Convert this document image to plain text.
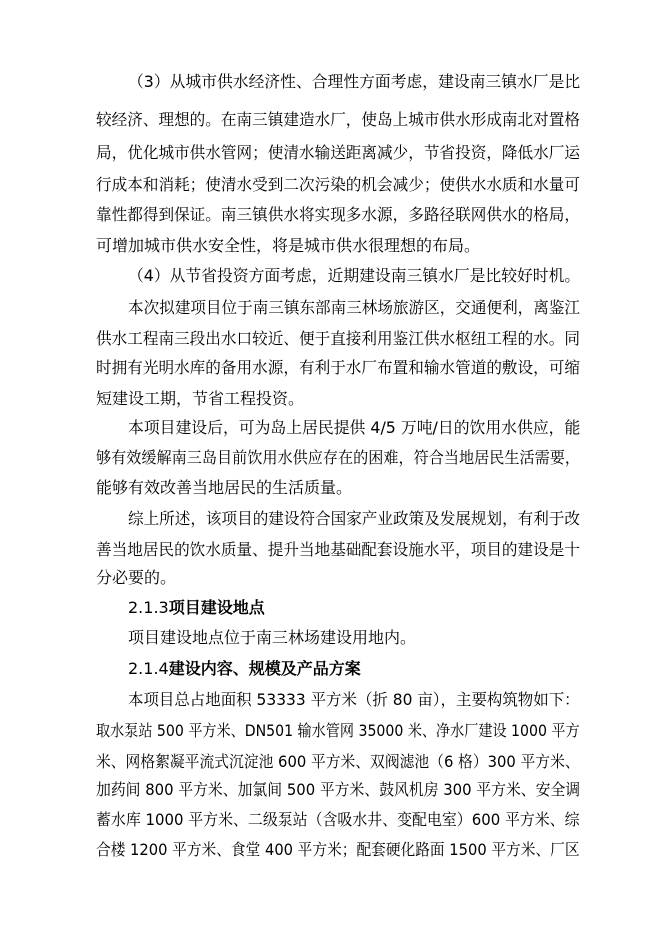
（3）从城市供水经济性、合理性方面考虑，建设南三镇水厂是比
较经济、理想的。在南三镇建造水厂，使岛上城市供水形成南北对置格
局，优化城市供水管网；使清水输送距离减少，节省投资，降低水厂运
行成本和消耗；使清水受到二次污染的机会减少；使供水水质和水量可
靠性都得到保证。南三镇供水将实现多水源，多路径联网供水的格局，
可增加城市供水安全性，将是城市供水很理想的布局。
（4）从节省投资方面考虑，近期建设南三镇水厂是比较好时机。
本次拟建项目位于南三镇东部南三林场旅游区，交通便利，离鉴江
供水工程南三段出水口较近、便于直接利用鉴江供水枢纽工程的水。同
时拥有光明水库的备用水源，有利于水厂布置和输水管道的敷设，可缩
短建设工期，节省工程投资。
本项目建设后，可为岛上居民提供 4/5 万吨/日的饮用水供应，能
够有效缓解南三岛目前饮用水供应存在的困难，符合当地居民生活需要，
能够有效改善当地居民的生活质量。
综上所述，该项目的建设符合国家产业政策及发展规划，有利于改
善当地居民的饮水质量、提升当地基础配套设施水平，项目的建设是十
分必要的。
2.1.3项目建设地点
项目建设地点位于南三林场建设用地内。
2.1.4建设内容、规模及产品方案
本项目总占地面积 53333 平方米（折 80 亩），主要构筑物如下：
取水泵站 500 平方米、DN501 输水管网 35000 米、净水厂建设 1000 平方
米、网格絮凝平流式沉淀池 600 平方米、双阀滤池（6 格）300 平方米、
加药间 800 平方米、加氯间 500 平方米、鼓风机房 300 平方米、安全调
蓄水库 1000 平方米、二级泵站（含吸水井、变配电室）600 平方米、综
合楼 1200 平方米、食堂 400 平方米；配套硬化路面 1500 平方米、厂区
